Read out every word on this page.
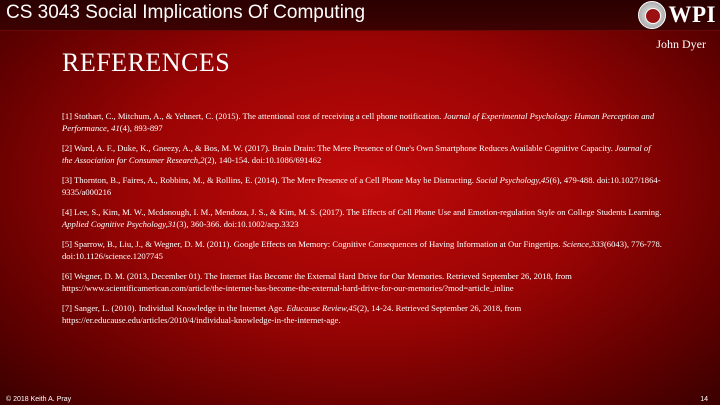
CS 3043 Social Implications Of Computing	WPI
John Dyer
REFERENCES

[1] Stothart, C., Mitchum, A., & Yehnert, C. (2015). The attentional cost of receiving a cell phone notification. Journal of Experimental Psychology: Human Perception and Performance, 41(4), 893-897

[2] Ward, A. F., Duke, K., Gneezy, A., & Bos, M. W. (2017). Brain Drain: The Mere Presence of One's Own Smartphone Reduces Available Cognitive Capacity. Journal of the Association for Consumer Research,2(2), 140-154. doi:10.1086/691462

[3] Thornton, B., Faires, A., Robbins, M., & Rollins, E. (2014). The Mere Presence of a Cell Phone May be Distracting. Social Psychology,45(6), 479-488. doi:10.1027/1864-9335/a000216

[4] Lee, S., Kim, M. W., Mcdonough, I. M., Mendoza, J. S., & Kim, M. S. (2017). The Effects of Cell Phone Use and Emotion-regulation Style on College Students Learning. Applied Cognitive Psychology,31(3), 360-366. doi:10.1002/acp.3323

[5] Sparrow, B., Liu, J., & Wegner, D. M. (2011). Google Effects on Memory: Cognitive Consequences of Having Information at Our Fingertips. Science,333(6043), 776-778. doi:10.1126/science.1207745

[6] Wegner, D. M. (2013, December 01). The Internet Has Become the External Hard Drive for Our Memories. Retrieved September 26, 2018, from https://www.scientificamerican.com/article/the-internet-has-become-the-external-hard-drive-for-our-memories/?mod=article_inline

[7] Sanger, L. (2010). Individual Knowledge in the Internet Age. Educause Review,45(2), 14-24. Retrieved September 26, 2018, from https://er.educause.edu/articles/2010/4/individual-knowledge-in-the-internet-age.

© 2018 Keith A. Pray	14
